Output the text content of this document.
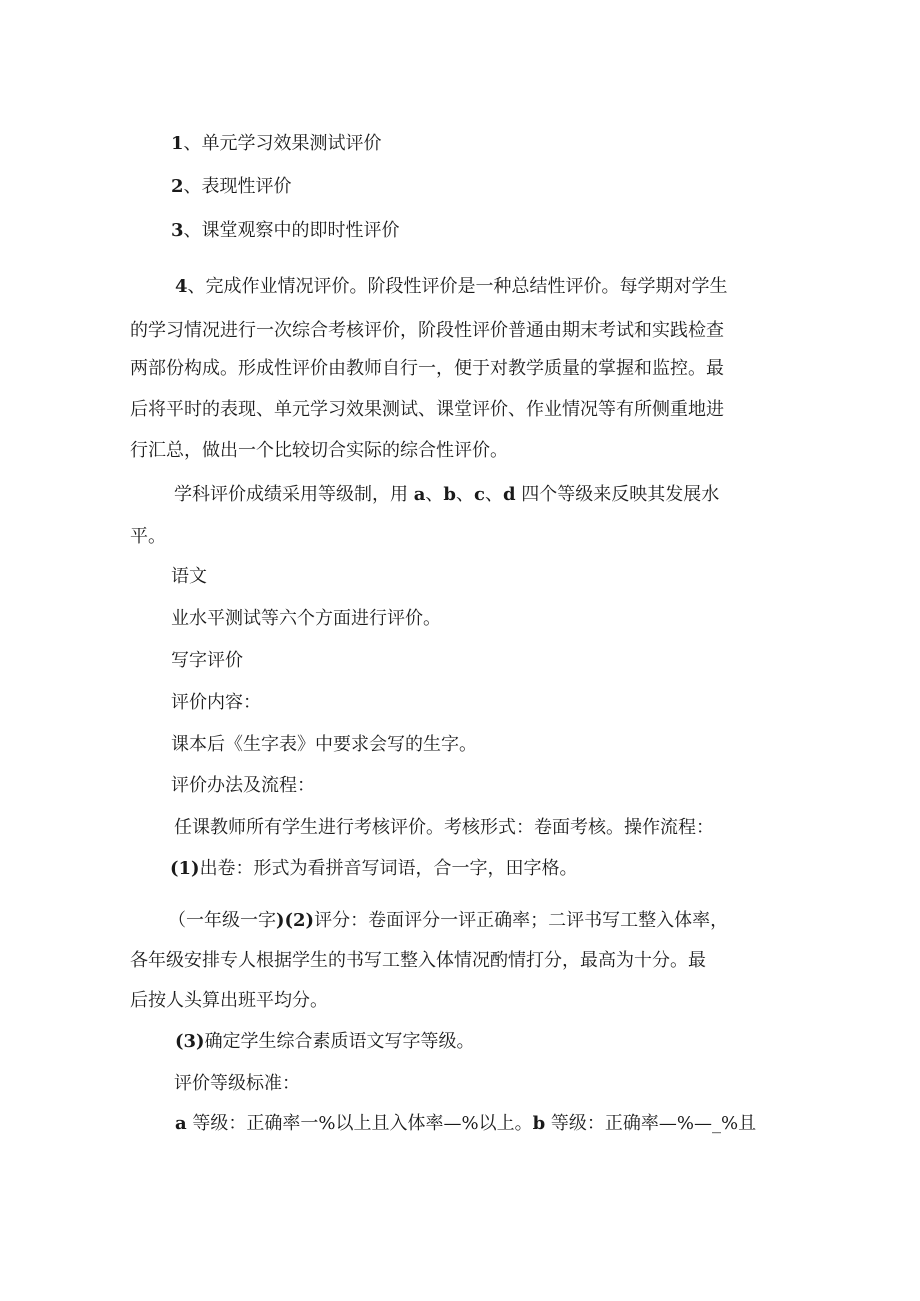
1、单元学习效果测试评价
2、表现性评价
3、课堂观察中的即时性评价
4、完成作业情况评价。阶段性评价是一种总结性评价。每学期对学生
的学习情况进行一次综合考核评价，阶段性评价普通由期末考试和实践检查
两部份构成。形成性评价由教师自行一，便于对教学质量的掌握和监控。最
后将平时的表现、单元学习效果测试、课堂评价、作业情况等有所侧重地进
行汇总，做出一个比较切合实际的综合性评价。
学科评价成绩采用等级制，用 a、b、c、d 四个等级来反映其发展水
平。
语文
业水平测试等六个方面进行评价。
写字评价
评价内容：
课本后《生字表》中要求会写的生字。
评价办法及流程：
任课教师所有学生进行考核评价。考核形式：卷面考核。操作流程：
(1)出卷：形式为看拼音写词语，合一字，田字格。
（一年级一字)(2)评分：卷面评分一评正确率；二评书写工整入体率，
各年级安排专人根据学生的书写工整入体情况酌情打分，最高为十分。最
后按人头算出班平均分。
(3)确定学生综合素质语文写字等级。
评价等级标准：
a 等级：正确率一%以上且入体率—%以上。b 等级：正确率—%—_%且
